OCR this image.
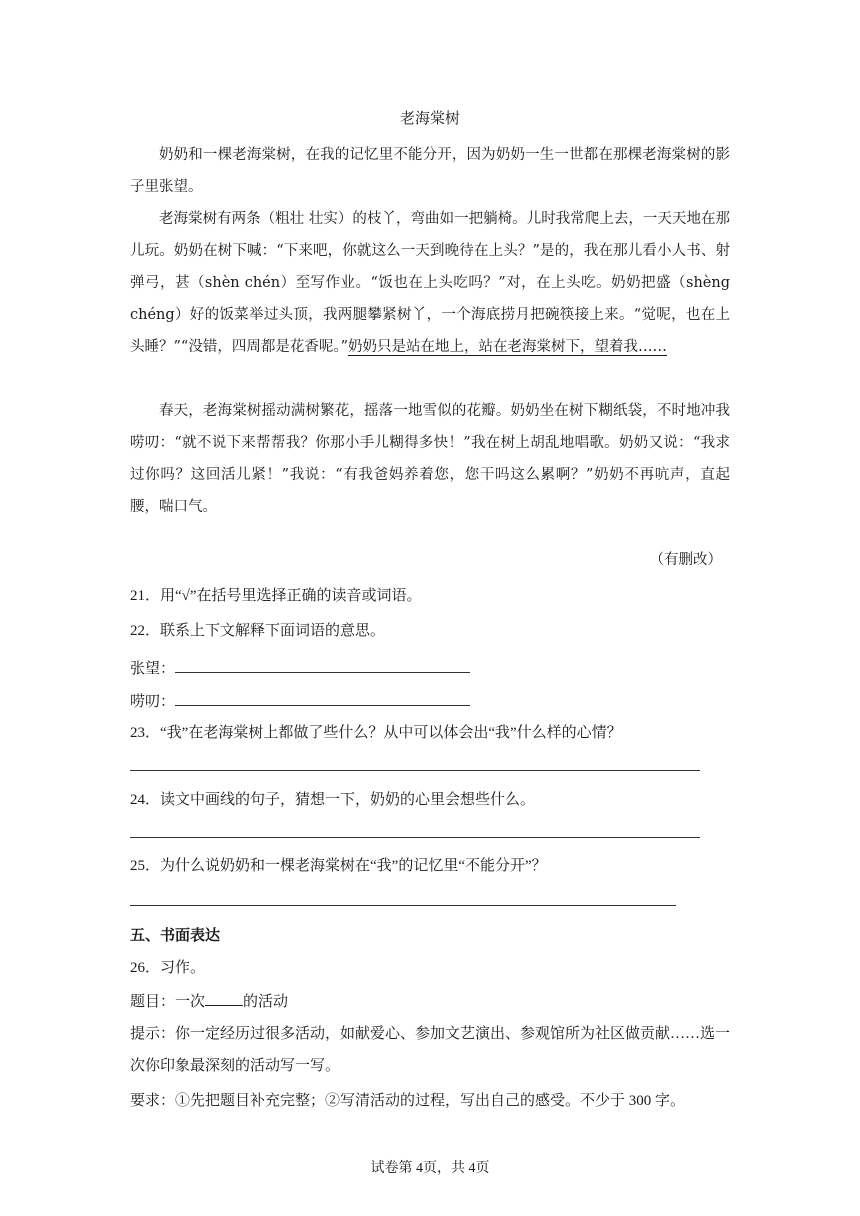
老海棠树
奶奶和一棵老海棠树，在我的记忆里不能分开，因为奶奶一生一世都在那棵老海棠树的影子里张望。
老海棠树有两条（粗壮 壮实）的枝丫，弯曲如一把躺椅。儿时我常爬上去，一天天地在那儿玩。奶奶在树下喊：“下来吧，你就这么一天到晚待在上头？”是的，我在那儿看小人书、射弹弓，甚（shèn chén）至写作业。“饭也在上头吃吗？”对，在上头吃。奶奶把盛（shèng chéng）好的饭菜举过头顶，我两腿攀紧树丫，一个海底捞月把碗筷接上来。“觉呢，也在上头睡？”“没错，四周都是花香呢。”奶奶只是站在地上，站在老海棠树下，望着我……
春天，老海棠树摇动满树繁花，摇落一地雪似的花瓣。奶奶坐在树下糊纸袋，不时地冲我唠叨：“就不说下来帮帮我？你那小手儿糊得多快！”我在树上胡乱地唱歌。奶奶又说：“我求过你吗？这回活儿紧！”我说：“有我爸妈养着您，您干吗这么累啊？”奶奶不再吭声，直起腰，喘口气。
（有删改）
21．用“√”在括号里选择正确的读音或词语。
22．联系上下文解释下面词语的意思。
张望：
唠叨：
23．“我”在老海棠树上都做了些什么？从中可以体会出“我”什么样的心情？
24．读文中画线的句子，猜想一下，奶奶的心里会想些什么。
25．为什么说奶奶和一棵老海棠树在“我”的记忆里“不能分开”？
五、书面表达
26．习作。
题目：一次	的活动
提示：你一定经历过很多活动，如献爱心、参加文艺演出、参观馆所为社区做贡献……选一次你印象最深刻的活动写一写。
要求：①先把题目补充完整；②写清活动的过程，写出自己的感受。不少于 300 字。
试卷第 4页，共 4页
